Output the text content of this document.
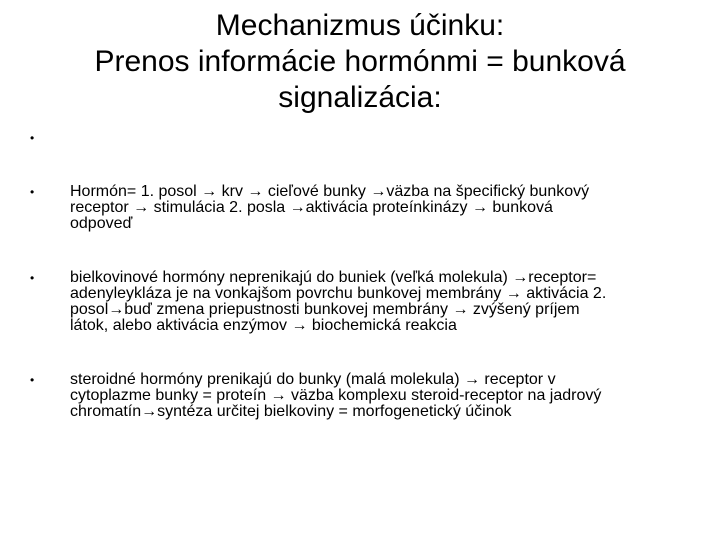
Mechanizmus účinku:
Prenos informácie hormónmi = bunková
signalizácia:
•
• Hormón= 1. posol → krv → cieľové bunky →väzba na špecifický bunkový
receptor → stimulácia 2. posla →aktivácia proteínkinázy → bunková
odpoveď
• bielkovinové hormóny neprenikajú do buniek (veľká molekula) →receptor=
adenyleykláza je na vonkajšom povrchu bunkovej membrány → aktivácia 2.
posol→buď zmena priepustnosti bunkovej membrány → zvýšený príjem
látok, alebo aktivácia enzýmov → biochemická reakcia
• steroidné hormóny prenikajú do bunky (malá molekula) → receptor v
cytoplazme bunky = proteín → väzba komplexu steroid-receptor na jadrový
chromatín→syntéza určitej bielkoviny = morfogenetický účinok
